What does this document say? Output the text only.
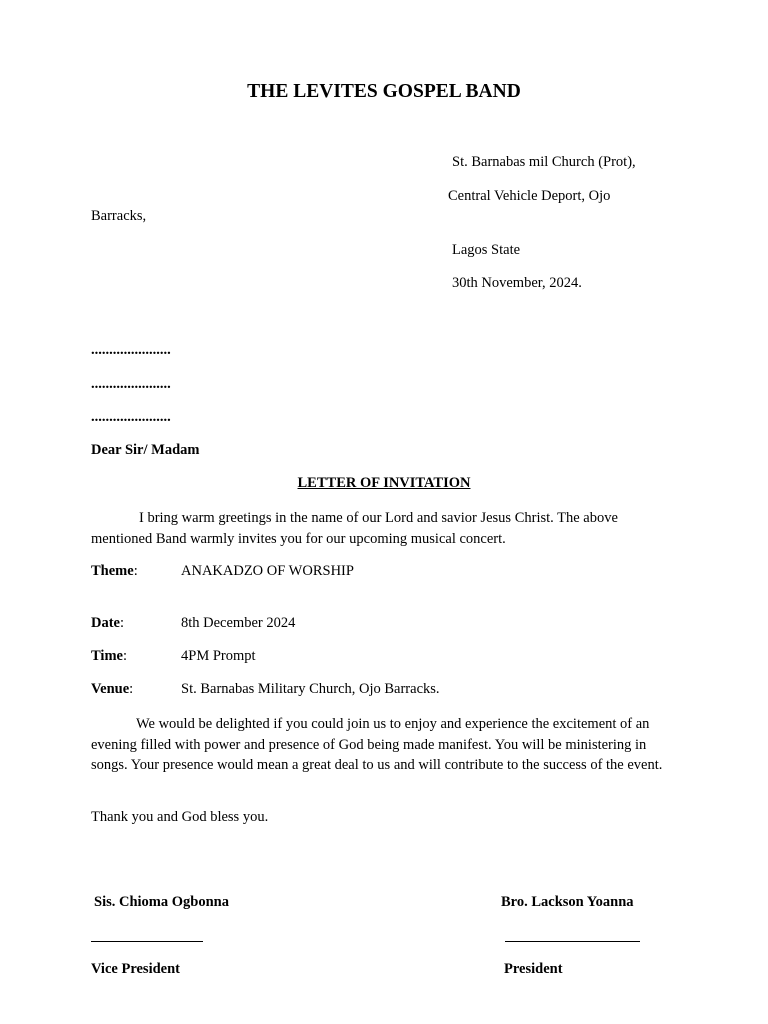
THE LEVITES GOSPEL BAND
St. Barnabas mil Church (Prot),
Central Vehicle Deport, Ojo
Barracks,
Lagos State
30th November, 2024.
......................
......................
......................
Dear Sir/ Madam
LETTER OF INVITATION
I bring warm greetings in the name of our Lord and savior Jesus Christ. The above mentioned Band warmly invites you for our upcoming musical concert.
Theme:	ANAKADZO OF WORSHIP
Date:	8th December 2024
Time:	4PM Prompt
Venue:	St. Barnabas Military Church, Ojo Barracks.
We would be delighted if you could join us to enjoy and experience the excitement of an evening filled with power and presence of God being made manifest. You will be ministering in songs. Your presence would mean a great deal to us and will contribute to the success of the event.
Thank you and God bless you.
Sis. Chioma Ogbonna	Bro. Lackson Yoanna
Vice President	President
